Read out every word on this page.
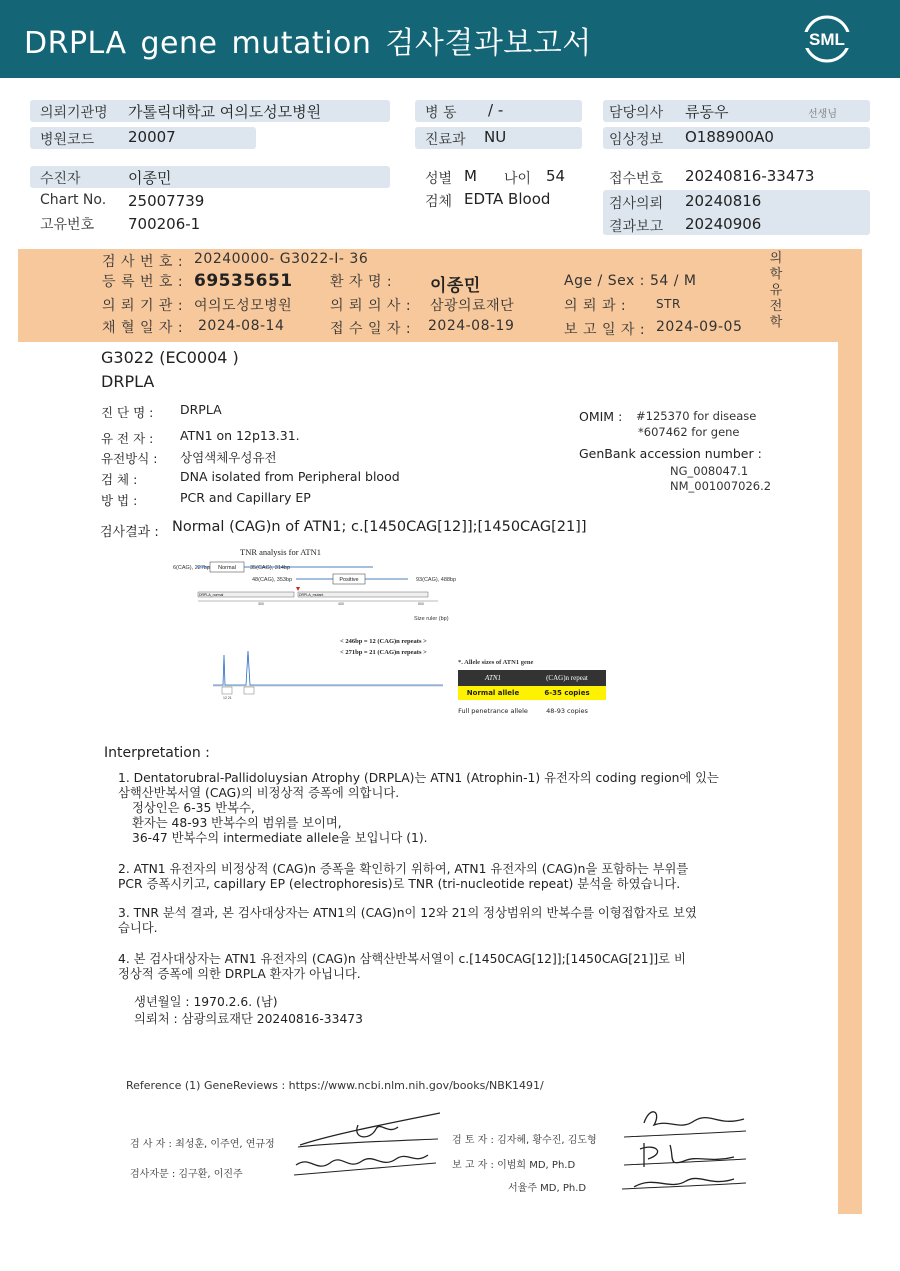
DRPLA gene mutation 검사결과보고서	SML
의뢰기관명 가톨릭대학교 여의도성모병원
병원코드 20007
병 동 / -
진료과 NU
담당의사 류동우	선생님
임상정보 O188900A0
수진자	이종민
Chart No. 25007739
고유번호 700206-1
성별 M 나이 54
검체 EDTA Blood
접수번호 20240816-33473
검사의뢰 20240816
결과보고 20240906
검 사 번 호 : 20240000- G3022-I- 36
등 록 번 호 : 69535651	환 자 명 : 이종민	Age / Sex : 54 / M
의 뢰 기 관 : 여의도성모병원	의 뢰 의 사 : 삼광의료재단	의 뢰 과 : STR
채 혈 일 자 : 2024-08-14	접 수 일 자 : 2024-08-19	보 고 일 자 : 2024-09-05
의학유전학
G3022 (EC0004 )
DRPLA
진 단 명 : DRPLA
유 전 자 : ATN1 on 12p13.31.
유전방식 : 상염색체우성유전
검 체 :	DNA isolated from Peripheral blood
방 법 :	PCR and Capillary EP
OMIM : #125370 for disease
*607462 for gene
GenBank accession number :
NG_008047.1
NM_001007026.2
검사결과 : Normal (CAG)n of ATN1; c.[1450CAG[12]];[1450CAG[21]]
TNR analysis for ATN1
6(CAG), 227bp Normal	35(CAG), 314bp
48(CAG), 353bp	Positive	93(CAG), 488bp
DRPLA_normal	DRPLA_mutant
300	400	500
Size ruler (bp)
< 246bp = 12 (CAG)n repeats >
< 271bp = 21 (CAG)n repeats >
12 21
*. Allele sizes of ATN1 gene
ATN1	(CAG)n repeat
Normal allele	6-35 copies
Full penetrance allele	48-93 copies
Interpretation :
1. Dentatorubral-Pallidoluysian Atrophy (DRPLA)는 ATN1 (Atrophin-1) 유전자의 coding region에 있는
삼핵산반복서열 (CAG)의 비정상적 증폭에 의합니다.
정상인은 6-35 반복수,
환자는 48-93 반복수의 범위를 보이며,
36-47 반복수의 intermediate allele을 보입니다 (1).
2. ATN1 유전자의 비정상적 (CAG)n 증폭을 확인하기 위하여, ATN1 유전자의 (CAG)n을 포함하는 부위를
PCR 증폭시키고, capillary EP (electrophoresis)로 TNR (tri-nucleotide repeat) 분석을 하였습니다.
3. TNR 분석 결과, 본 검사대상자는 ATN1의 (CAG)n이 12와 21의 정상범위의 반복수를 이형접합자로 보였
습니다.
4. 본 검사대상자는 ATN1 유전자의 (CAG)n 삼핵산반복서열이 c.[1450CAG[12]];[1450CAG[21]]로 비
정상적 증폭에 의한 DRPLA 환자가 아닙니다.
생년월일 : 1970.2.6. (남)
의뢰처 : 삼광의료재단 20240816-33473
Reference (1) GeneReviews : https://www.ncbi.nlm.nih.gov/books/NBK1491/
검 사 자 : 최성훈, 이주연, 연규정
검사자문 : 김구환, 이진주
검 토 자 : 김자혜, 황수진, 김도형
보 고 자 : 이범희 MD, Ph.D
서율주 MD, Ph.D
